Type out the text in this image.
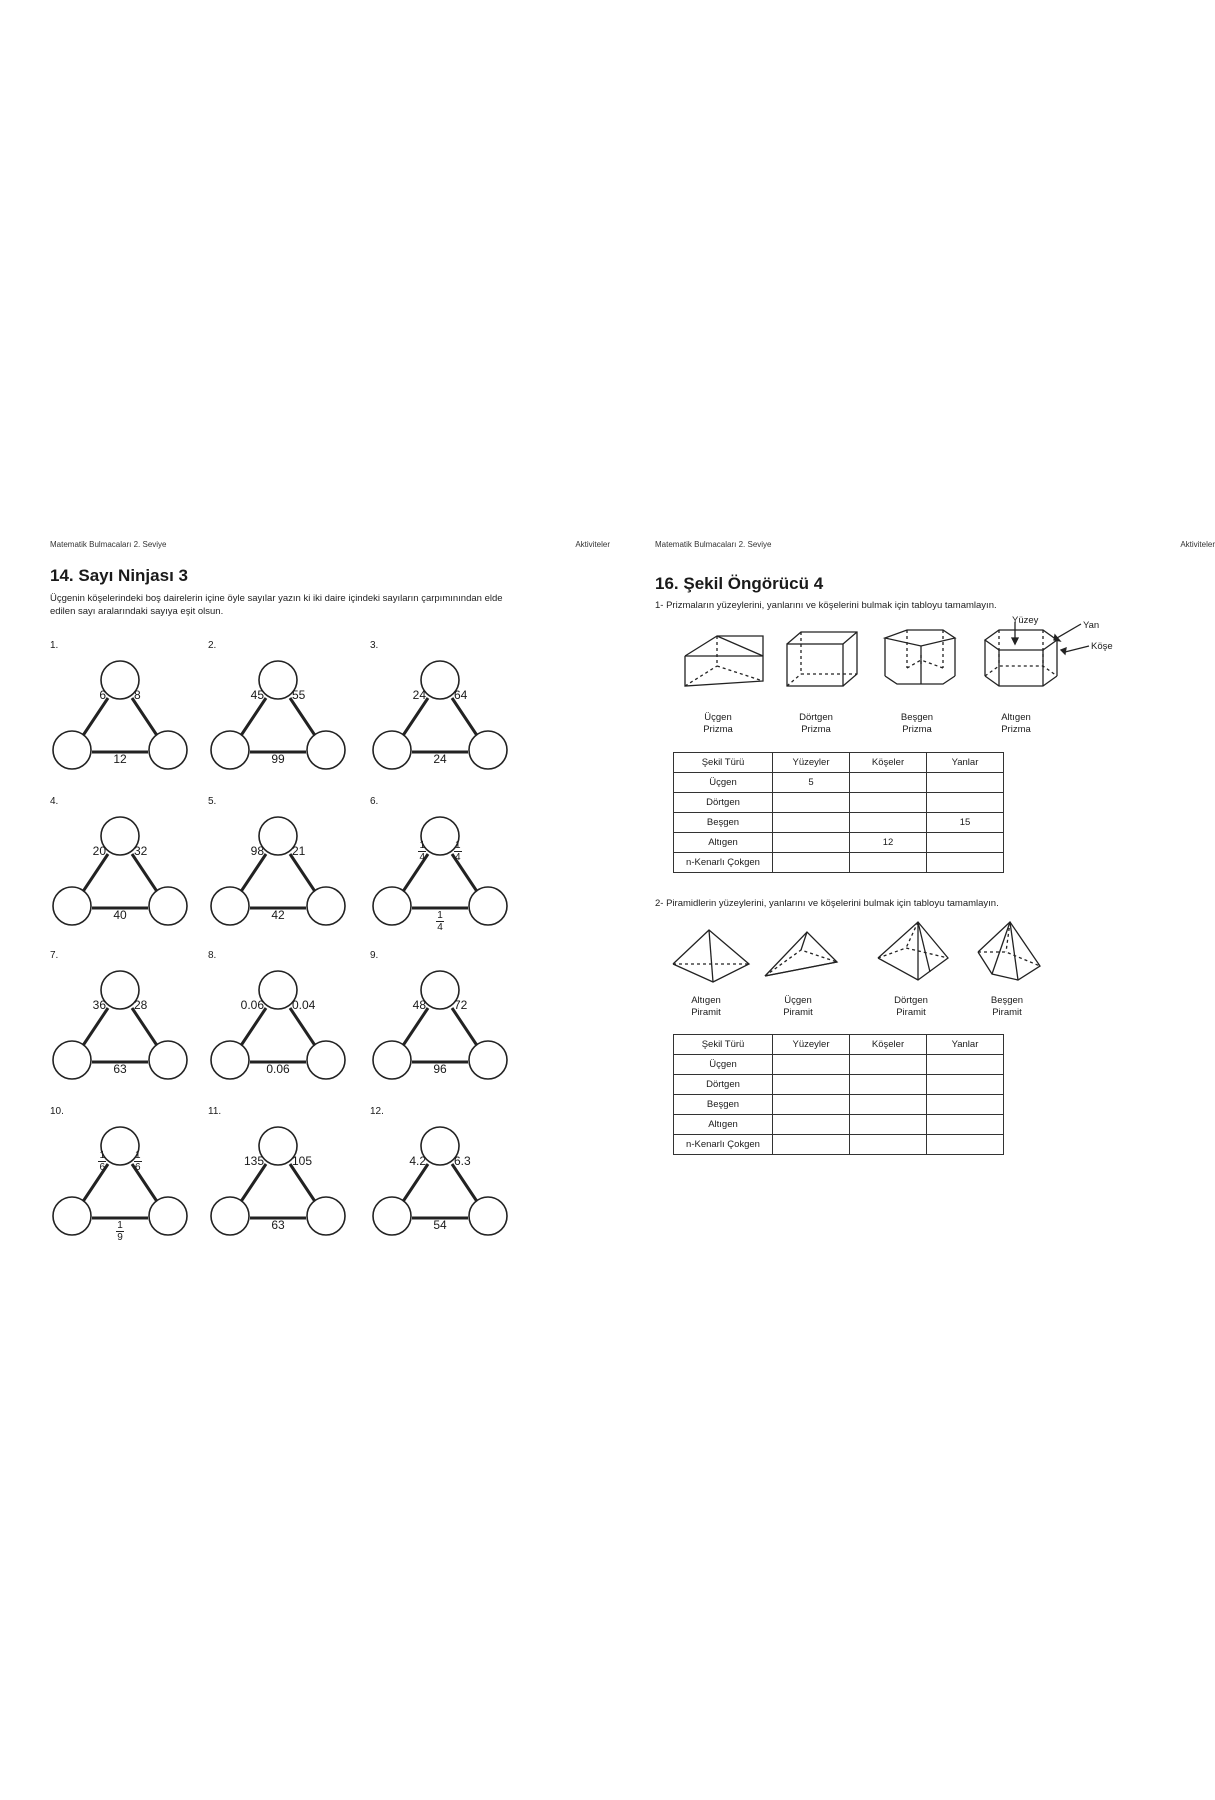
Matematik Bulmacaları 2. Seviye	Aktiviteler
14. Sayı Ninjası 3
Üçgenin köşelerindeki boş dairelerin içine öyle sayılar yazın ki iki daire içindeki sayıların çarpımınından elde edilen sayı aralarındaki sayıya eşit olsun.
1.
6 8
12
2.
45 55
99
3.
24 64
24
4.
20 32
40
5.
98 21
42
6.
$\frac{1}{4}$	$\frac{1}{4}$
$\frac{1}{4}$
7.
36 28
63
8.
0.06 0.04
0.06
9.
48 72
96
10.
$\frac{1}{6}$	$\frac{1}{6}$
$\frac{1}{9}$
11.
135 105
63
12.
4.2 6.3
54
Matematik Bulmacaları 2. Seviye	Aktiviteler
16. Şekil Öngörücü 4
1- Prizmaların yüzeylerini, yanlarını ve köşelerini bulmak için tabloyu tamamlayın.
Yüzey	Yan
Köşe
Üçgen
Prizma
Dörtgen
Prizma
Beşgen
Prizma
Altıgen
Prizma
Şekil Türü	Yüzeyler	Köşeler	Yanlar
Üçgen	5		
Dörtgen			
Beşgen			15
Altıgen		12	
n-Kenarlı Çokgen			
2- Piramidlerin yüzeylerini, yanlarını ve köşelerini bulmak için tabloyu tamamlayın.
Altıgen
Piramit
Üçgen
Piramit
Dörtgen
Piramit
Beşgen
Piramit
Şekil Türü	Yüzeyler	Köşeler	Yanlar
Üçgen			
Dörtgen			
Beşgen			
Altıgen			
n-Kenarlı Çokgen			
